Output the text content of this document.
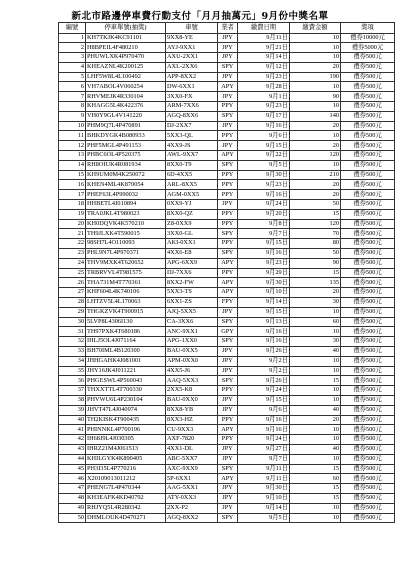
新北市路邊停車費行動支付「月月抽萬元」9月份中獎名單
編號	停車單號(抽獎)	車號	業者	繳費日期	繳費金額	獎項
1	KH7TKJK4KC91101	9XX8-YE	JPY	9月11日	10	禮券10000元
2	H8BPEIL4F480210	AYJ-9XX1	JPY	9月21日	10	禮券5000元
3	PHUWLXK4P970470	AXU-2XX1	JPY	9月14日	10	禮券500元
4	KHEAZNL4K200125	AXL-2XX6	SPY	9月12日	20	禮券500元
5	LHF5W8L4L100492	APP-8XX2	JPY	9月23日	190	禮券500元
6	VH7ABOL4V060254	DW-6XX1	APY	9月28日	10	禮券500元
7	RHVMEJK4R330104	3XX0-FX	JPY	9月1日	90	禮券500元
8	KHAGG5L4K422376	ARM-7XX6	PPY	9月23日	10	禮券500元
9	VH0Y9GL4V141220	AGQ-8XX6	SPY	9月17日	140	禮券500元
10	PHM9Q7L4P470891	DJ-2XX7	JPY	9月16日	20	禮券500元
11	BHKDYGK4B080933	5XX3-QL	PPY	9月6日	10	禮券500元
12	PHF5MGL4P491153	4XX9-JS	JPY	9月15日	20	禮券500元
13	PHBC6OL4P520375	AWL-9XX7	APY	9月22日	120	禮券500元
14	RH8OIUK4R081934	8XX0-T9	SPY	9月5日	10	禮券500元
15	KH9UM0M4K250072	6D-4XX5	PPY	9月30日	210	禮券500元
16	KHEN4ML4K870054	ARL-8XX5	PPY	9月23日	20	禮券500元
17	PHEF63L4P990032	AGM-0XX5	PPY	9月16日	20	禮券500元
18	HHBETL4J010894	0XX9-YJ	JPY	9月24日	50	禮券500元
19	TRA0JKL4T980023	8XX0-QZ	PPY	9月20日	15	禮券500元
20	KH0DQVK4K570210	Z8-0XX9	PPY	9月8日	120	禮券500元
21	TH9JLXK4T590015	3XX0-GL	SPY	9月7日	70	禮券500元
22	98SH7L4O110093	AKI-0XX1	PPY	9月15日	80	禮券500元
23	PHL9N7L4P970371	4XX6-E8	SPY	9月16日	50	禮券500元
24	THV9MXK4T620652	APG-6XX9	APY	9月23日	90	禮券500元
25	TRBRVVL4T981575	DJ-7XX6	PPY	9月29日	15	禮券500元
26	THA731M4T770361	8XX2-FW	APY	9月30日	135	禮券500元
27	KHF604L4K740106	5XX3-TS	APY	9月10日	20	禮券500元
28	LHTZV5L4L170063	6XX1-ZS	FPY	9月14日	30	禮券500元
29	THGKZVK4T900915	AJQ-5XX5	JPY	9月15日	10	禮券500元
30	5LVP8L4306I130	CA-3XX6	SPY	9月13日	60	禮券500元
31	TH97PXK4T680186	ANC-9XX1	GPY	9月16日	10	禮券500元
32	IHLJ5OL4J071164	APG-1XX0	SPY	9月16日	30	禮券500元
33	BH70IML4B120300	BAU-0XX5	JPY	9月26日	40	禮券500元
34	JHHGAHK4J081001	APM-0XX0	JPY	9月2日	10	禮券500元
35	JHY16JK4J011221	4XX5-J6	JPY	9月2日	10	禮券500元
36	PHGESWL4P560043	AAQ-5XX3	SPY	9月26日	15	禮券500元
37	THXXTTL4T700330	2XX5-K8	PPY	9月24日	10	禮券500元
38	PHVWU6L4P230104	BAU-0XX0	JPY	9月15日	10	禮券500元
39	JHVT47L4J040974	8XX8-YB	JPY	9月6日	40	禮券500元
40	TH2KISK4T900435	8XX3-HZ	PPY	9月16日	20	禮券500元
41	PHINNKL4P700196	CU-9XX3	APY	9月16日	10	禮券500元
42	IH68J9L4J030305	AXF-7820	PPY	9月24日	10	禮券500元
43	IHRZ21M4J061513	4XX1-DL	JPY	9月27日	40	禮券500元
44	KHILGYK4K890405	ABC-5XX7	JPY	9月7日	10	禮券500元
45	PH3I35L4P770216	AXC-9XX9	SPY	9月11日	15	禮券500元
46	X20109013011212	5P-6XX1	APY	9月11日	60	禮券500元
47	PHENG7L4P470344	AAG-5XX1	JPY	9月30日	15	禮券500元
48	KH3EAFK4KD40792	ATY-0XX3	JPY	9月10日	15	禮券500元
49	RHJYQ5L4R280342	2XX-P2	JPY	9月14日	10	禮券500元
50	DHMLOUK4D470271	AGQ-8XX2	SPY	9月5日	10	禮券500元
